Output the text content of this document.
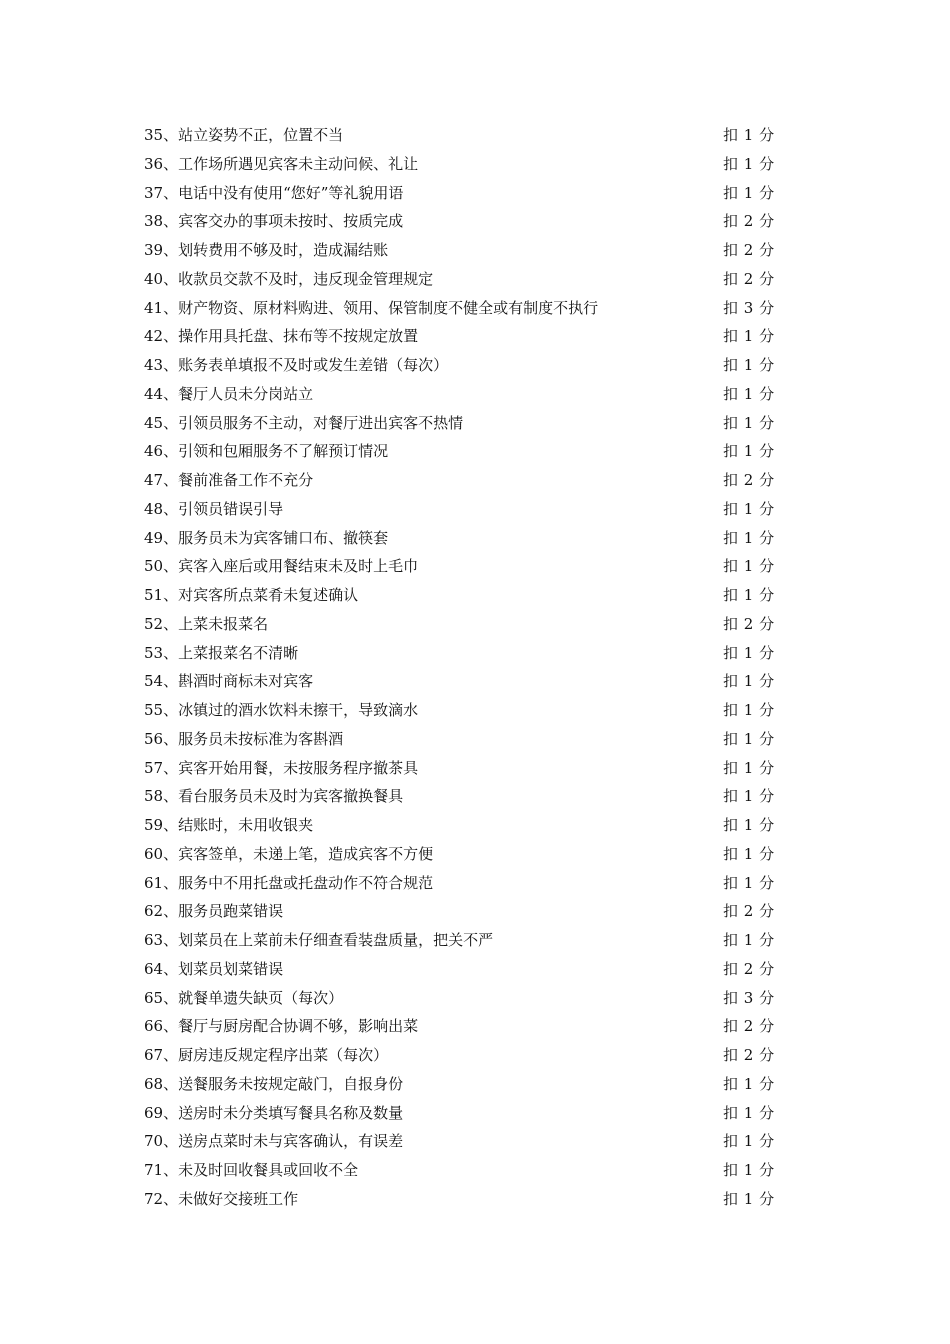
35、站立姿势不正，位置不当	扣 1 分
36、工作场所遇见宾客未主动问候、礼让	扣 1 分
37、电话中没有使用“您好”等礼貌用语	扣 1 分
38、宾客交办的事项未按时、按质完成	扣 2 分
39、划转费用不够及时，造成漏结账	扣 2 分
40、收款员交款不及时，违反现金管理规定	扣 2 分
41、财产物资、原材料购进、领用、保管制度不健全或有制度不执行	扣 3 分
42、操作用具托盘、抹布等不按规定放置	扣 1 分
43、账务表单填报不及时或发生差错（每次）	扣 1 分
44、餐厅人员未分岗站立	扣 1 分
45、引领员服务不主动，对餐厅进出宾客不热情	扣 1 分
46、引领和包厢服务不了解预订情况	扣 1 分
47、餐前准备工作不充分	扣 2 分
48、引领员错误引导	扣 1 分
49、服务员未为宾客铺口布、撤筷套	扣 1 分
50、宾客入座后或用餐结束未及时上毛巾	扣 1 分
51、对宾客所点菜肴未复述确认	扣 1 分
52、上菜未报菜名	扣 2 分
53、上菜报菜名不清晰	扣 1 分
54、斟酒时商标未对宾客	扣 1 分
55、冰镇过的酒水饮料未擦干，导致滴水	扣 1 分
56、服务员未按标准为客斟酒	扣 1 分
57、宾客开始用餐，未按服务程序撤茶具	扣 1 分
58、看台服务员未及时为宾客撤换餐具	扣 1 分
59、结账时，未用收银夹	扣 1 分
60、宾客签单，未递上笔，造成宾客不方便	扣 1 分
61、服务中不用托盘或托盘动作不符合规范	扣 1 分
62、服务员跑菜错误	扣 2 分
63、划菜员在上菜前未仔细查看装盘质量，把关不严	扣 1 分
64、划菜员划菜错误	扣 2 分
65、就餐单遗失缺页（每次）	扣 3 分
66、餐厅与厨房配合协调不够，影响出菜	扣 2 分
67、厨房违反规定程序出菜（每次）	扣 2 分
68、送餐服务未按规定敲门，自报身份	扣 1 分
69、送房时未分类填写餐具名称及数量	扣 1 分
70、送房点菜时未与宾客确认，有误差	扣 1 分
71、未及时回收餐具或回收不全	扣 1 分
72、未做好交接班工作	扣 1 分
